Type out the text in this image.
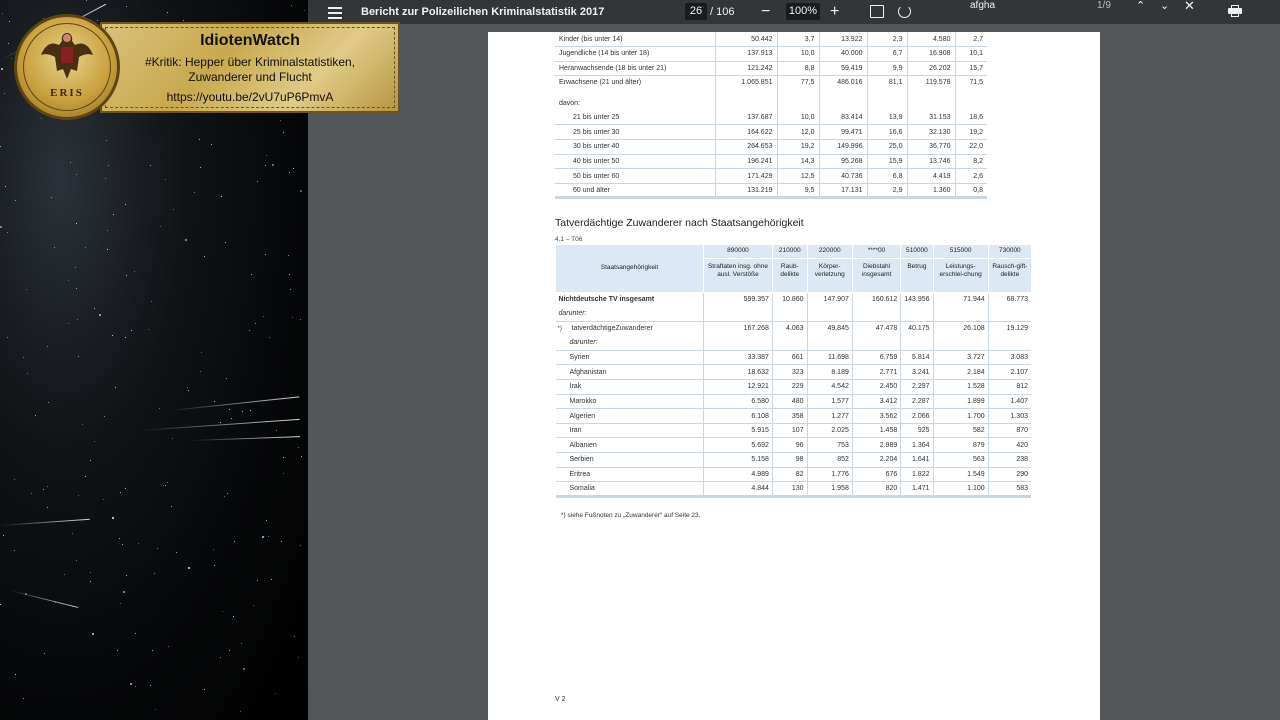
Bericht zur Polizeilichen Kriminalstatistik 2017	26 / 106 − 100% +	afgha	1/9 ⌃ ⌄ ✕
Kinder (bis unter 14)	50.442	3,7	13.922	2,3	4.580	2,7
Jugendliche (14 bis unter 18)	137.913	10,0	40.000	6,7	16.908	10,1
Heranwachsende (18 bis unter 21)	121.242	8,8	59.419	9,9	26.202	15,7
Erwachsene (21 und älter)	1.065.851	77,5	486.016	81,1	119.578	71,5
davon:						
21 bis unter 25	137.687	10,0	83.414	13,9	31.153	18,6
25 bis unter 30	164.622	12,0	99.471	16,6	32.130	19,2
30 bis unter 40	264.653	19,2	149.996	25,0	36.770	22,0
40 bis unter 50	196.241	14,3	95.268	15,9	13.746	8,2
50 bis unter 60	171.429	12,5	40.736	6,8	4.419	2,6
60 und älter	131.219	9,5	17.131	2,9	1.360	0,8
Tatverdächtige Zuwanderer nach Staatsangehörigkeit
4.1 – T06
Staatsangehörigkeit	890000	210000	220000	****00	510000	515000	730000
	Straftaten insg. ohne ausl. Verstöße	Raub-delikte	Körper-verletzung	Diebstahl insgesamt	Betrug	Leistungs-erschlei-chung	Rausch-gift-delikte
Nichtdeutsche TV insgesamt	599.357	10.860	147.907	160.612	143.956	71.944	68.773
darunter:							
*) tatverdächtigeZuwanderer	167.268	4.063	49.845	47.478	40.175	26.108	19.129
darunter:							
Syrien	33.387	661	11.698	6.759	5.814	3.727	3.083
Afghanistan	18.632	323	8.189	2.771	3.241	2.184	2.107
Irak	12.921	229	4.542	2.450	2.297	1.528	812
Marokko	6.580	480	1.577	3.412	2.287	1.899	1.407
Algerien	6.108	358	1.277	3.562	2.066	1.700	1.303
Iran	5.915	107	2.025	1.458	925	582	870
Albanien	5.692	96	753	2.989	1.364	879	420
Serbien	5.158	98	852	2.204	1.641	563	238
Eritrea	4.989	82	1.776	676	1.822	1.549	290
Somalia	4.844	130	1.958	820	1.471	1.100	583
*) siehe Fußnoten zu „Zuwanderer“ auf Seite 23.
V 2
IdiotenWatch
#Kritik: Hepper über Kriminalstatistiken,
Zuwanderer und Flucht
https://youtu.be/2vU7uP6PmvA
ERIS
